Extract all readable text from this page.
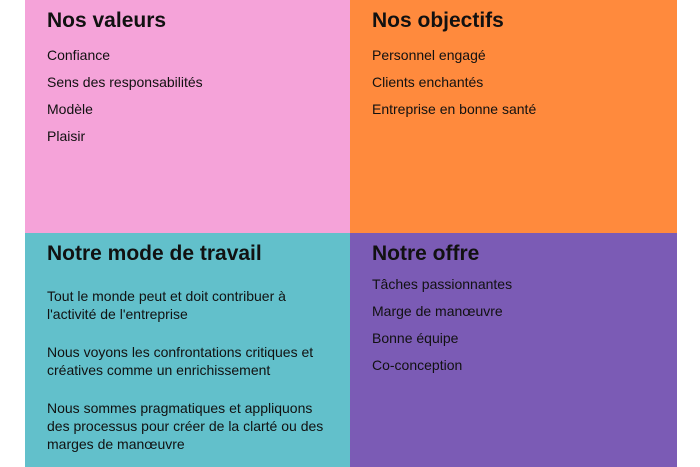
Nos valeurs
Confiance
Sens des responsabilités
Modèle
Plaisir
Nos objectifs
Personnel engagé
Clients enchantés
Entreprise en bonne santé
Notre mode de travail

Tout le monde peut et doit contribuer à l'activité de l'entreprise

Nous voyons les confrontations critiques et créatives comme un enrichissement

Nous sommes pragmatiques et appliquons des processus pour créer de la clarté ou des marges de manœuvre

Notre offre
Tâches passionnantes
Marge de manœuvre
Bonne équipe
Co-conception
